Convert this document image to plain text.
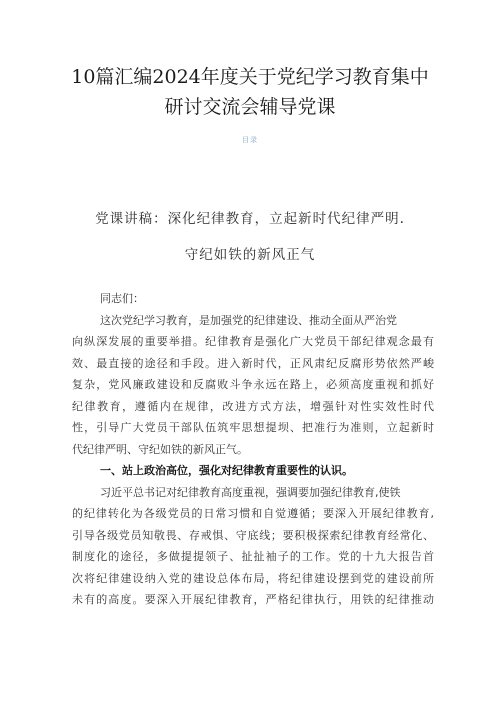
10篇汇编2024年度关于党纪学习教育集中
研讨交流会辅导党课
目录
党课讲稿：深化纪律教育，立起新时代纪律严明.
守纪如铁的新风正气
同志们：
这次党纪学习教育，是加强党的纪律建设、推动全面从严治党
向纵深发展的重要举措。纪律教育是强化广大党员干部纪律观念最有
效、最直接的途径和手段。进入新时代，正风肃纪反腐形势依然严峻
复杂，党风廉政建设和反腐败斗争永远在路上，必须高度重视和抓好
纪律教育，遵循内在规律，改进方式方法，增强针对性实效性时代
性，引导广大党员干部队伍筑牢思想提坝、把准行为准则，立起新时
代纪律严明、守纪如铁的新风正气。
一、站上政治高位，强化对纪律教育重要性的认识。
习近平总书记对纪律教育高度重视，强调要加强纪律教育,使铁
的纪律转化为各级党员的日常习惯和自觉遵循；要深入开展纪律教育,
引导各级党员知敬畏、存戒惧、守底线；要积极探索纪律教育经常化、
制度化的途径，多做提提领子、扯扯袖子的工作。党的十九大报告首
次将纪律建设纳入党的建设总体布局，将纪律建设摆到党的建设前所
未有的高度。要深入开展纪律教育，严格纪律执行，用铁的纪律推动
